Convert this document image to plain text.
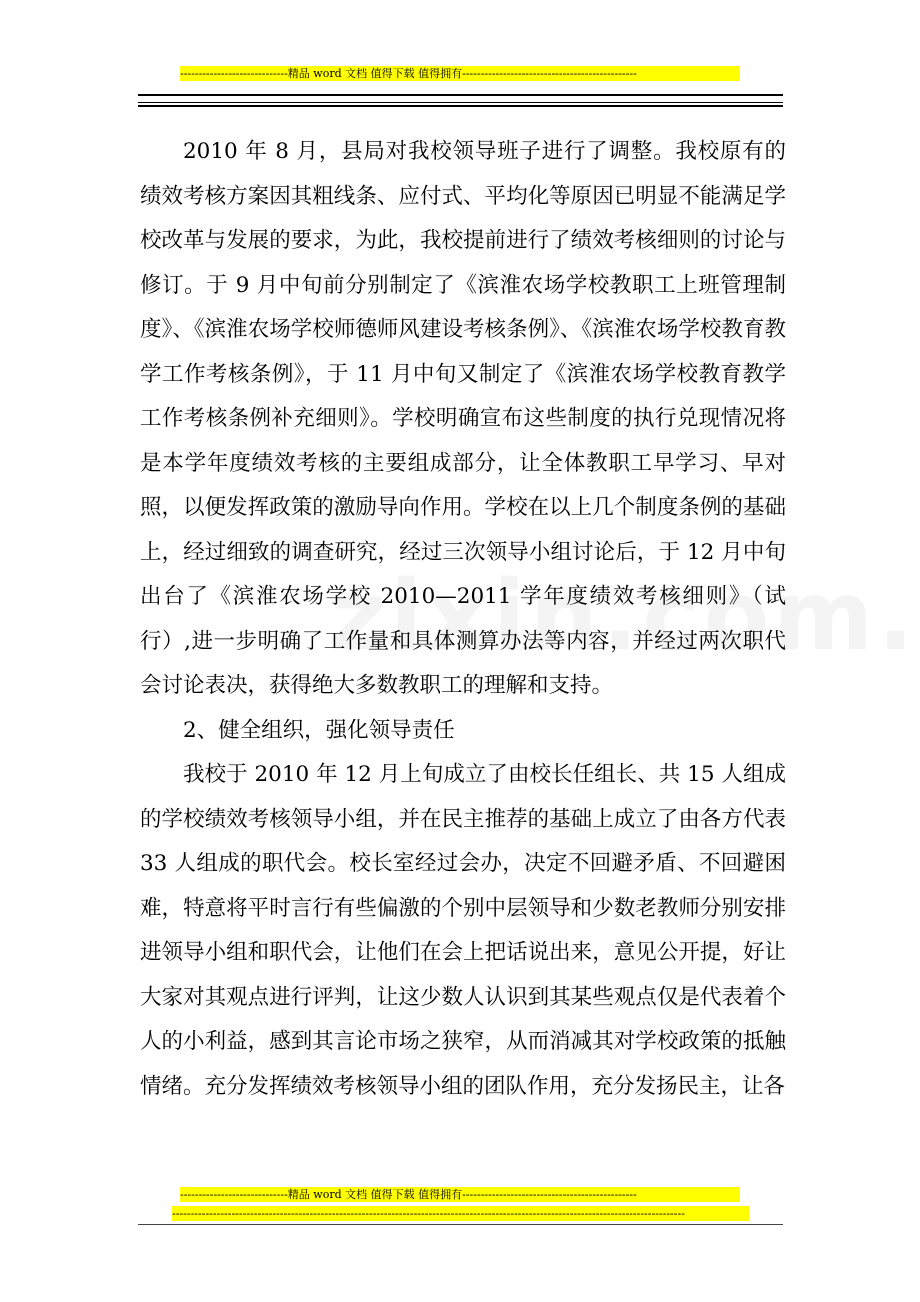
-----------------------------精品 word 文档 值得下载 值得拥有-----------------------------------------------

2010 年 8 月，县局对我校领导班子进行了调整。我校原有的绩效考核方案因其粗线条、应付式、平均化等原因已明显不能满足学校改革与发展的要求，为此，我校提前进行了绩效考核细则的讨论与修订。于 9 月中旬前分别制定了《滨淮农场学校教职工上班管理制度》、《滨淮农场学校师德师风建设考核条例》、《滨淮农场学校教育教学工作考核条例》，于 11 月中旬又制定了《滨淮农场学校教育教学工作考核条例补充细则》。学校明确宣布这些制度的执行兑现情况将是本学年度绩效考核的主要组成部分，让全体教职工早学习、早对照，以便发挥政策的激励导向作用。学校在以上几个制度条例的基础上，经过细致的调查研究，经过三次领导小组讨论后，于 12 月中旬出台了《滨淮农场学校 2010—2011 学年度绩效考核细则》（试行）,进一步明确了工作量和具体测算办法等内容，并经过两次职代会讨论表决，获得绝大多数教职工的理解和支持。

2、健全组织，强化领导责任

我校于 2010 年 12 月上旬成立了由校长任组长、共 15 人组成的学校绩效考核领导小组，并在民主推荐的基础上成立了由各方代表 33 人组成的职代会。校长室经过会办，决定不回避矛盾、不回避困难，特意将平时言行有些偏激的个别中层领导和少数老教师分别安排进领导小组和职代会，让他们在会上把话说出来，意见公开提，好让大家对其观点进行评判，让这少数人认识到其某些观点仅是代表着个人的小利益，感到其言论市场之狭窄，从而消减其对学校政策的抵触情绪。充分发挥绩效考核领导小组的团队作用，充分发扬民主，让各

-----------------------------精品 word 文档 值得下载 值得拥有-----------------------------------------------
------------------------------------------------------------------------------------------------------------------------------------------
